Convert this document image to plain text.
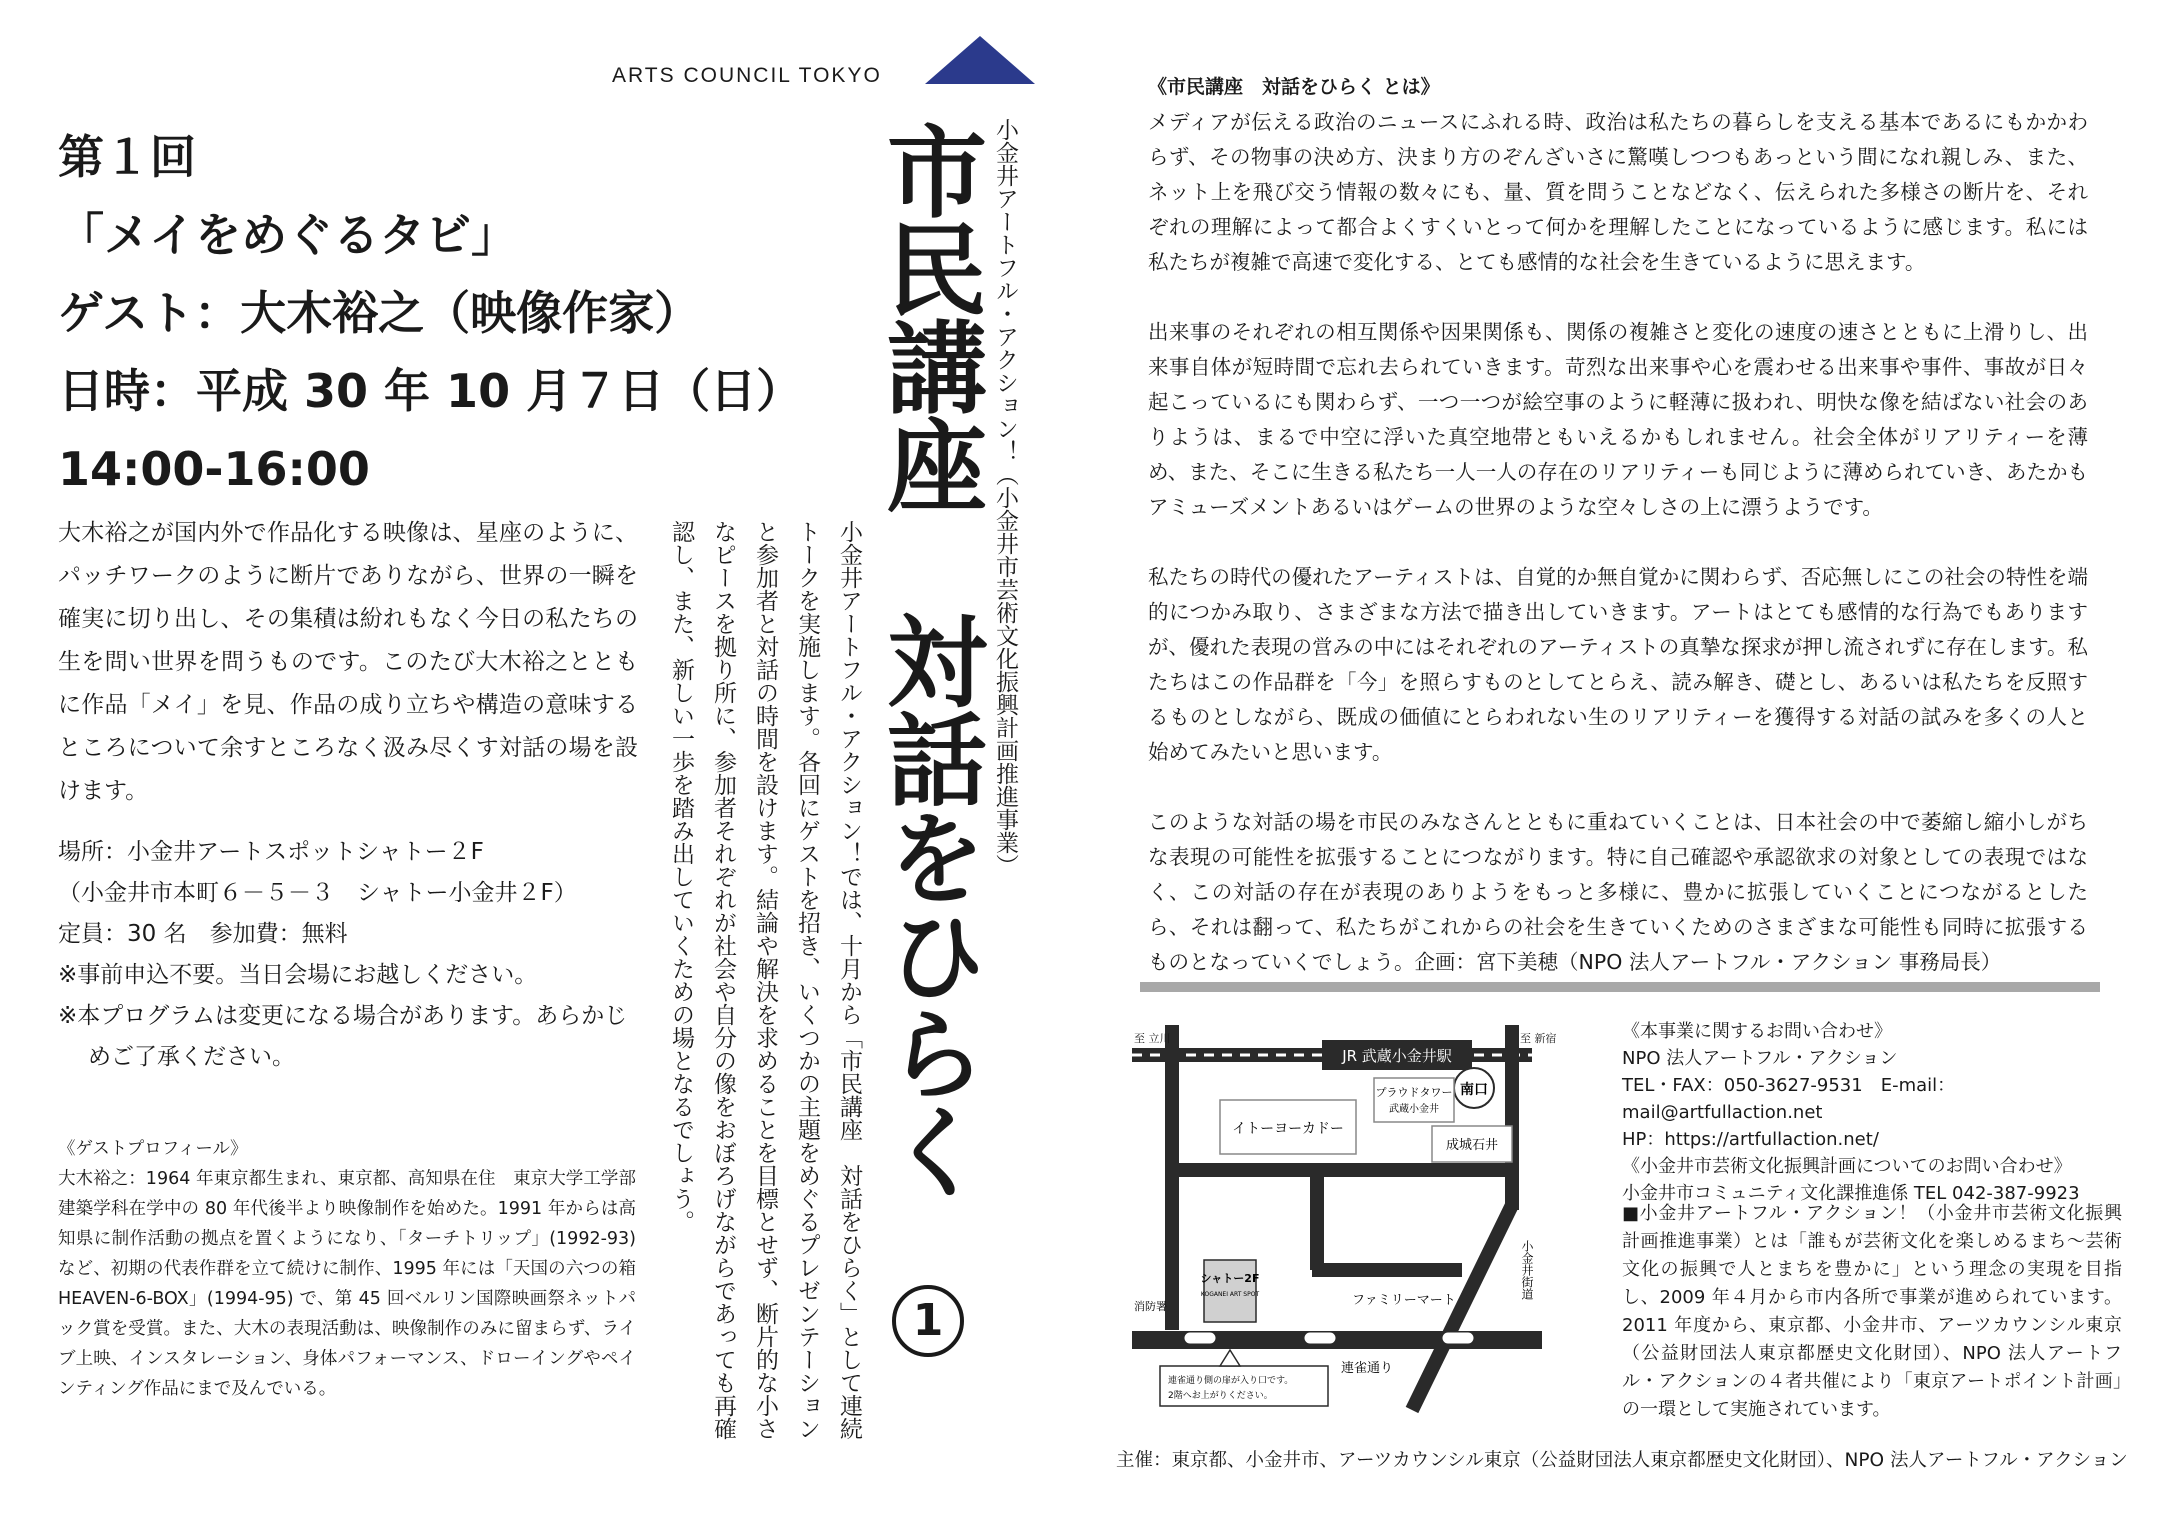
ARTS COUNCIL TOKYO
第１回
「メイをめぐるタビ」
ゲスト：大木裕之（映像作家）
日時：平成 30 年 10 月７日（日）
14:00-16:00
大木裕之が国内外で作品化する映像は、星座のように、パッチワークのように断片でありながら、世界の一瞬を確実に切り出し、その集積は紛れもなく今日の私たちの生を問い世界を問うものです。このたび大木裕之とともに作品「メイ」を見、作品の成り立ちや構造の意味するところについて余すところなく汲み尽くす対話の場を設けます。
場所：小金井アートスポットシャトー２F
（小金井市本町６－５－３　シャトー小金井２F）
定員：30 名　参加費：無料
※事前申込不要。当日会場にお越しください。
※本プログラムは変更になる場合があります。あらかじめご了承ください。

《ゲストプロフィール》

大木裕之：1964 年東京都生まれ、東京都、高知県在住　東京大学工学部建築学科在学中の 80 年代後半より映像制作を始めた。1991 年からは高知県に制作活動の拠点を置くようになり、「ターチトリップ」(1992-93) など、初期の代表作群を立て続けに制作、1995 年には「天国の六つの箱 HEAVEN-6-BOX」(1994-95) で、第 45 回ベルリン国際映画祭ネットパック賞を受賞。また、大木の表現活動は、映像制作のみに留まらず、ライブ上映、インスタレーション、身体パフォーマンス、ドローイングやペインティング作品にまで及んでいる。	小金井アートフル・アクション！では、十月から「市民講座　対話をひらく」として連続トークを実施します。各回にゲストを招き、いくつかの主題をめぐるプレゼンテーションと参加者と対話の時間を設けます。結論や解決を求めることを目標とせず、断片的な小さなピースを拠り所に、参加者それぞれが社会や自分の像をおぼろげながらであっても再確認し、また、新しい一歩を踏み出していくための場となるでしょう。	市民講座　対話をひらく 小金井アートフル・アクション！（小金井市芸術文化振興計画推進事業）
1
《市民講座　対話をひらく とは》

メディアが伝える政治のニュースにふれる時、政治は私たちの暮らしを支える基本であるにもかかわらず、その物事の決め方、決まり方のぞんざいさに驚嘆しつつもあっという間になれ親しみ、また、ネット上を飛び交う情報の数々にも、量、質を問うことなどなく、伝えられた多様さの断片を、それぞれの理解によって都合よくすくいとって何かを理解したことになっているように感じます。私には私たちが複雑で高速で変化する、とても感情的な社会を生きているように思えます。

出来事のそれぞれの相互関係や因果関係も、関係の複雑さと変化の速度の速さとともに上滑りし、出来事自体が短時間で忘れ去られていきます。苛烈な出来事や心を震わせる出来事や事件、事故が日々起こっているにも関わらず、一つ一つが絵空事のように軽薄に扱われ、明快な像を結ばない社会のありようは、まるで中空に浮いた真空地帯ともいえるかもしれません。社会全体がリアリティーを薄め、また、そこに生きる私たち一人一人の存在のリアリティーも同じように薄められていき、あたかもアミューズメントあるいはゲームの世界のような空々しさの上に漂うようです。

私たちの時代の優れたアーティストは、自覚的か無自覚かに関わらず、否応無しにこの社会の特性を端的につかみ取り、さまざまな方法で描き出していきます。アートはとても感情的な行為でもありますが、優れた表現の営みの中にはそれぞれのアーティストの真摯な探求が押し流されずに存在します。私たちはこの作品群を「今」を照らすものとしてとらえ、読み解き、礎とし、あるいは私たちを反照するものとしながら、既成の価値にとらわれない生のリアリティーを獲得する対話の試みを多くの人と始めてみたいと思います。

このような対話の場を市民のみなさんとともに重ねていくことは、日本社会の中で萎縮し縮小しがちな表現の可能性を拡張することにつながります。特に自己確認や承認欲求の対象としての表現ではなく、この対話の存在が表現のありようをもっと多様に、豊かに拡張していくことにつながるとしたら、それは翻って、私たちがこれからの社会を生きていくためのさまざまな可能性も同時に拡張するものとなっていくでしょう。企画：宮下美穂（NPO 法人アートフル・アクション 事務局長）

JR 武蔵小金井駅
至 立川	至 新宿
南口
プラウドタワー
武蔵小金井
イトーヨーカドー
成城石井
小金井街道
ファミリーマート
消防署
シャトー2F
KOGANEI ART SPOT
連雀通り
連雀通り側の扉が入り口です。
2階へお上がりください。
《本事業に関するお問い合わせ》
NPO 法人アートフル・アクション
TEL・FAX：050-3627-9531　E-mail：mail@artfullaction.net
HP：https://artfullaction.net/
《小金井市芸術文化振興計画についてのお問い合わせ》
小金井市コミュニティ文化課推進係 TEL 042-387-9923
■小金井アートフル・アクション！（小金井市芸術文化振興計画推進事業）とは「誰もが芸術文化を楽しめるまち～芸術文化の振興で人とまちを豊かに」という理念の実現を目指し、2009 年４月から市内各所で事業が進められています。2011 年度から、東京都、小金井市、アーツカウンシル東京（公益財団法人東京都歴史文化財団）、NPO 法人アートフル・アクションの４者共催により「東京アートポイント計画」の一環として実施されています。
主催：東京都、小金井市、アーツカウンシル東京（公益財団法人東京都歴史文化財団）、NPO 法人アートフル・アクション
